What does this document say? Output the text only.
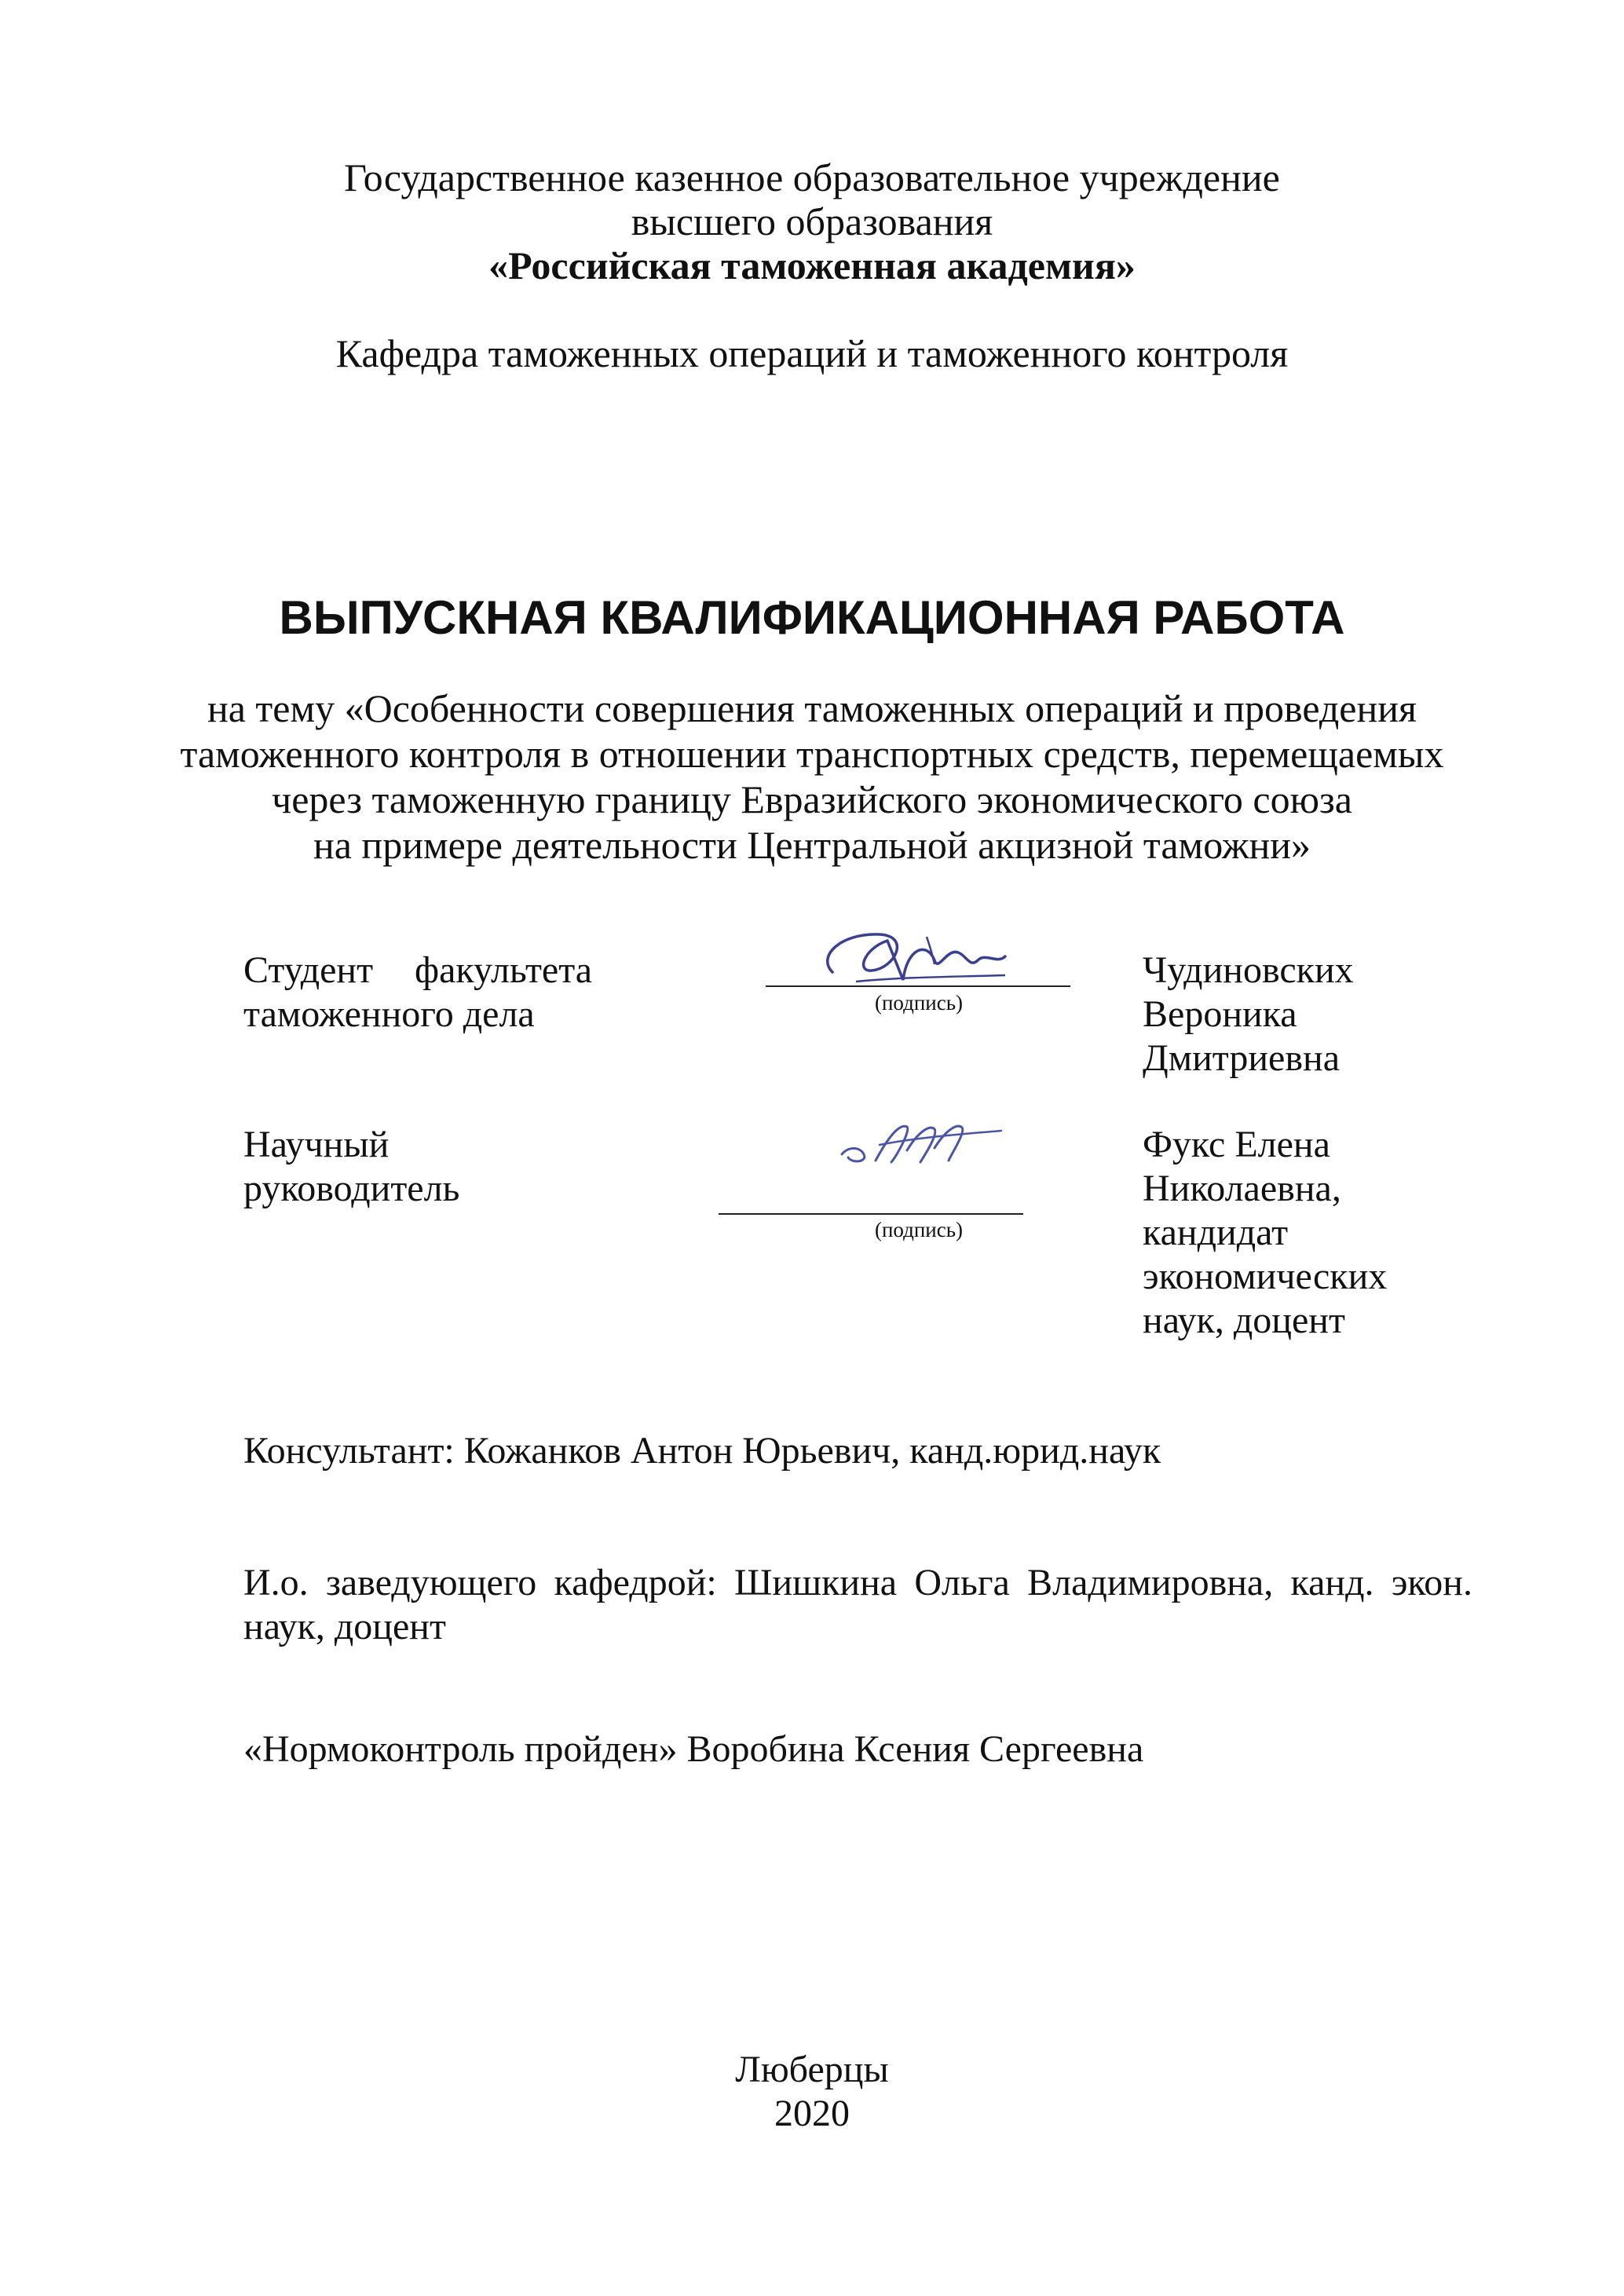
Государственное казенное образовательное учреждение
высшего образования
«Российская таможенная академия»
Кафедра таможенных операций и таможенного контроля
ВЫПУСКНАЯ КВАЛИФИКАЦИОННАЯ РАБОТА
на тему «Особенности совершения таможенных операций и проведения
таможенного контроля в отношении транспортных средств, перемещаемых
через таможенную границу Евразийского экономического союза
на примере деятельности Центральной акцизной таможни»
Студент факультета
таможенного дела	(подпись)
Чудиновских
Вероника
Дмитриевна
Научный
руководитель
(подпись)
Фукс Елена
Николаевна,
кандидат
экономических
наук, доцент
Консультант: Кожанков Антон Юрьевич, канд.юрид.наук
И.о. заведующего кафедрой: Шишкина Ольга Владимировна, канд. экон. наук, доцент
«Нормоконтроль пройден» Воробина Ксения Сергеевна
Люберцы
2020
